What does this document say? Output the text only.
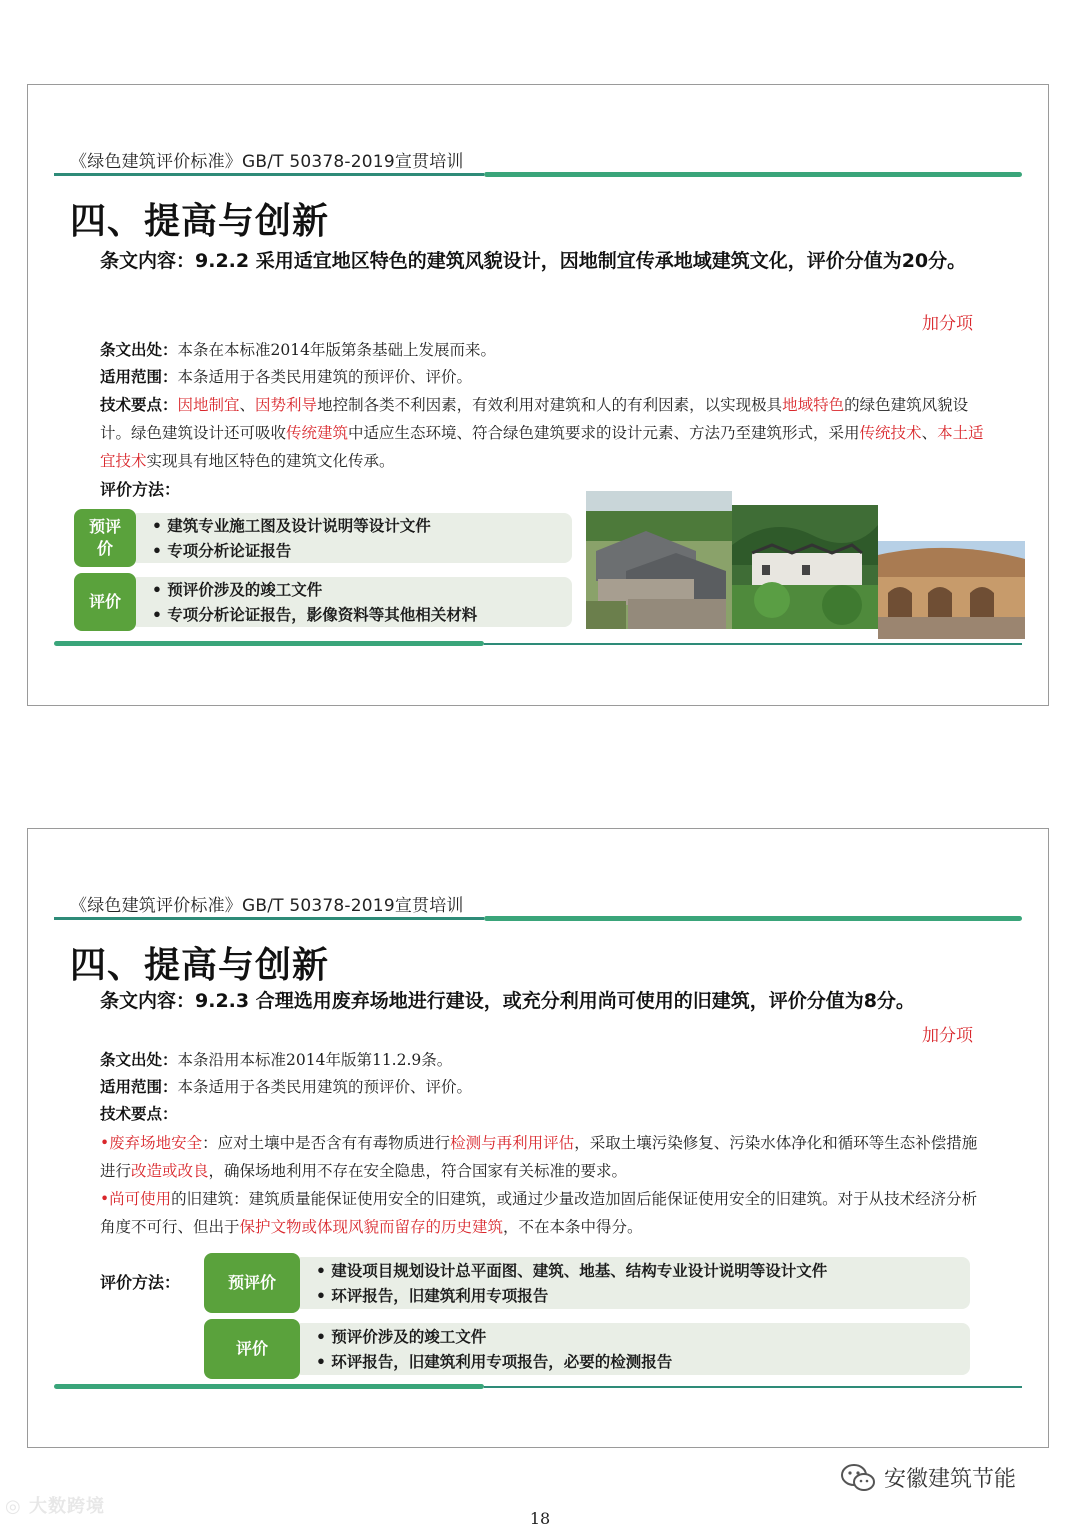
《绿色建筑评价标准》GB/T 50378-2019宣贯培训
四、提高与创新
条文内容：9.2.2 采用适宜地区特色的建筑风貌设计，因地制宜传承地域建筑文化，评价分值为20分。
加分项
条文出处：本条在本标准2014年版第条基础上发展而来。
适用范围：本条适用于各类民用建筑的预评价、评价。
技术要点：因地制宜、因势利导地控制各类不利因素，有效利用对建筑和人的有利因素，以实现极具地域特色的绿色建筑风貌设计。绿色建筑设计还可吸收传统建筑中适应生态环境、符合绿色建筑要求的设计元素、方法乃至建筑形式，采用传统技术、本土适宜技术实现具有地区特色的建筑文化传承。
评价方法：
预评价
• 建筑专业施工图及设计说明等设计文件
• 专项分析论证报告
评价
• 预评价涉及的竣工文件
• 专项分析论证报告，影像资料等其他相关材料
《绿色建筑评价标准》GB/T 50378-2019宣贯培训
四、提高与创新
条文内容：9.2.3 合理选用废弃场地进行建设，或充分利用尚可使用的旧建筑，评价分值为8分。
加分项
条文出处：本条沿用本标准2014年版第11.2.9条。
适用范围：本条适用于各类民用建筑的预评价、评价。
技术要点：
•废弃场地安全：应对土壤中是否含有有毒物质进行检测与再利用评估，采取土壤污染修复、污染水体净化和循环等生态补偿措施进行改造或改良，确保场地利用不存在安全隐患，符合国家有关标准的要求。
•尚可使用的旧建筑：建筑质量能保证使用安全的旧建筑，或通过少量改造加固后能保证使用安全的旧建筑。对于从技术经济分析角度不可行、但出于保护文物或体现风貌而留存的历史建筑，不在本条中得分。
评价方法：	预评价
• 建设项目规划设计总平面图、建筑、地基、结构专业设计说明等设计文件
• 环评报告，旧建筑利用专项报告
评价
• 预评价涉及的竣工文件
• 环评报告，旧建筑利用专项报告，必要的检测报告
◎ 大数跨境
安徽建筑节能
18
